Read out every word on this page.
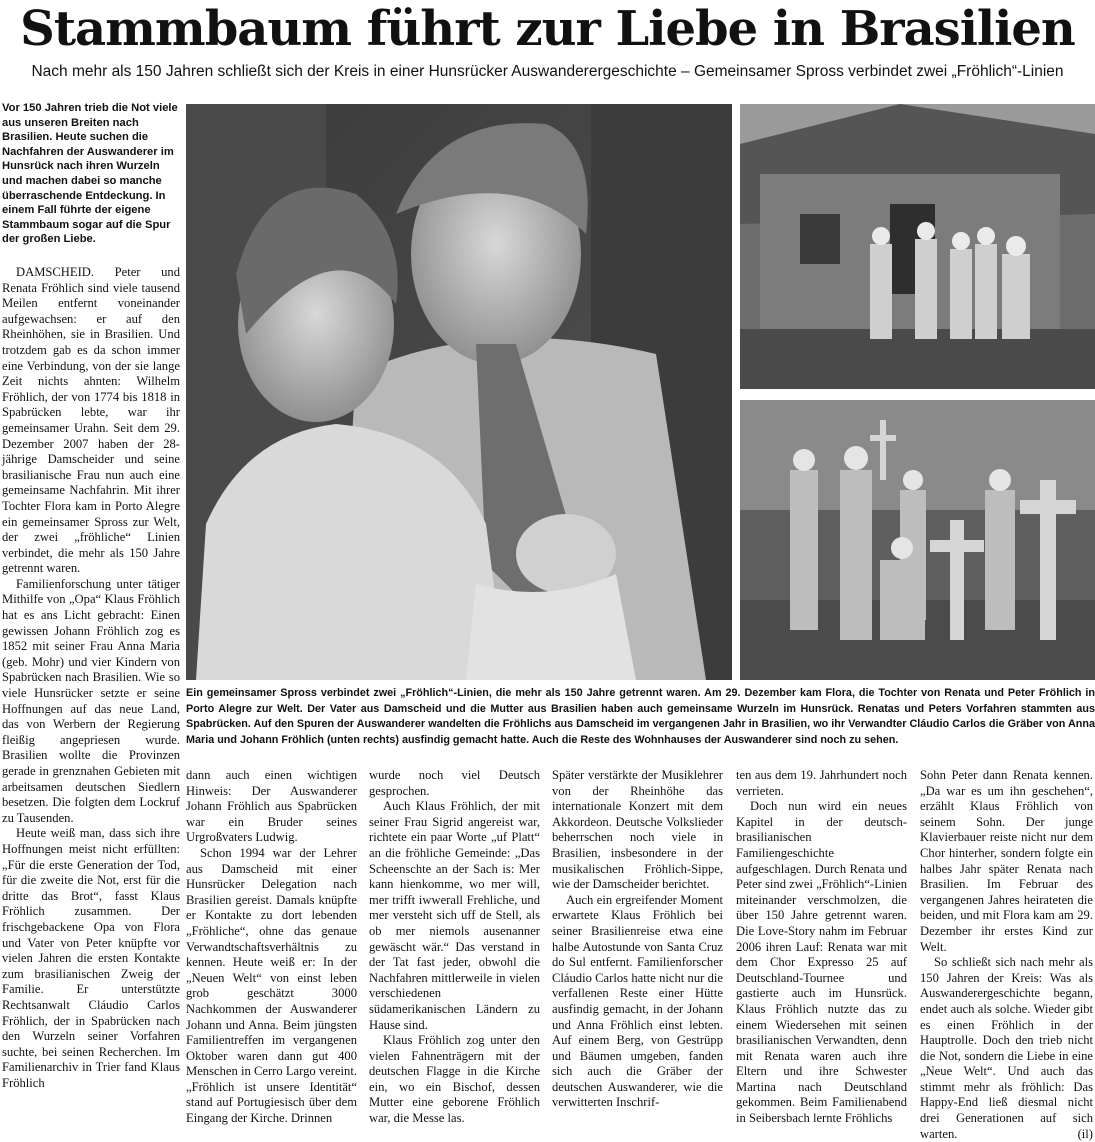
Stammbaum führt zur Liebe in Brasilien

Nach mehr als 150 Jahren schließt sich der Kreis in einer Hunsrücker Auswanderergeschichte – Gemeinsamer Spross verbindet zwei „Fröhlich“-Linien

Vor 150 Jahren trieb die Not viele aus unseren Breiten nach Brasilien. Heute suchen die Nachfahren der Auswanderer im Hunsrück nach ihren Wurzeln und machen dabei so manche überraschende Entdeckung. In einem Fall führte der eigene Stammbaum sogar auf die Spur der großen Liebe.

Ein gemeinsamer Spross verbindet zwei „Fröhlich“-Linien, die mehr als 150 Jahre getrennt waren. Am 29. Dezember kam Flora, die Tochter von Renata und Peter Fröhlich in Porto Alegre zur Welt. Der Vater aus Damscheid und die Mutter aus Brasilien haben auch gemeinsame Wurzeln im Hunsrück. Renatas und Peters Vorfahren stammten aus Spabrücken. Auf den Spuren der Auswanderer wandelten die Fröhlichs aus Damscheid im vergangenen Jahr in Brasilien, wo ihr Verwandter Cláudio Carlos die Gräber von Anna Maria und Johann Fröhlich (unten rechts) ausfindig gemacht hatte. Auch die Reste des Wohnhauses der Auswanderer sind noch zu sehen.

DAMSCHEID. Peter und Renata Fröhlich sind viele tausend Meilen entfernt voneinander aufgewachsen: er auf den Rheinhöhen, sie in Brasilien. Und trotzdem gab es da schon immer eine Verbindung, von der sie lange Zeit nichts ahnten: Wilhelm Fröhlich, der von 1774 bis 1818 in Spabrücken lebte, war ihr gemeinsamer Urahn. Seit dem 29. Dezember 2007 haben der 28-jährige Damscheider und seine brasilianische Frau nun auch eine gemeinsame Nachfahrin. Mit ihrer Tochter Flora kam in Porto Alegre ein gemeinsamer Spross zur Welt, der zwei „fröhliche“ Linien verbindet, die mehr als 150 Jahre getrennt waren.

Familienforschung unter tätiger Mithilfe von „Opa“ Klaus Fröhlich hat es ans Licht gebracht: Einen gewissen Johann Fröhlich zog es 1852 mit seiner Frau Anna Maria (geb. Mohr) und vier Kindern von Spabrücken nach Brasilien. Wie so viele Hunsrücker setzte er seine Hoffnungen auf das neue Land, das von Werbern der Regierung fleißig angepriesen wurde. Brasilien wollte die Provinzen gerade in grenznahen Gebieten mit arbeitsamen deutschen Siedlern besetzen. Die folgten dem Lockruf zu Tausenden.

Heute weiß man, dass sich ihre Hoffnungen meist nicht erfüllten: „Für die erste Generation der Tod, für die zweite die Not, erst für die dritte das Brot“, fasst Klaus Fröhlich zusammen. Der frischgebackene Opa von Flora und Vater von Peter knüpfte vor vielen Jahren die ersten Kontakte zum brasilianischen Zweig der Familie. Er unterstützte Rechtsanwalt Cláudio Carlos Fröhlich, der in Spabrücken nach den Wurzeln seiner Vorfahren suchte, bei seinen Recherchen. Im Familienarchiv in Trier fand Klaus Fröhlich

dann auch einen wichtigen Hinweis: Der Auswanderer Johann Fröhlich aus Spabrücken war ein Bruder seines Urgroßvaters Ludwig.

Schon 1994 war der Lehrer aus Damscheid mit einer Hunsrücker Delegation nach Brasilien gereist. Damals knüpfte er Kontakte zu dort lebenden „Fröhliche“, ohne das genaue Verwandtschaftsverhältnis zu kennen. Heute weiß er: In der „Neuen Welt“ von einst leben grob geschätzt 3000 Nachkommen der Auswanderer Johann und Anna. Beim jüngsten Familientreffen im vergangenen Oktober waren dann gut 400 Menschen in Cerro Largo vereint. „Fröhlich ist unsere Identität“ stand auf Portugiesisch über dem Eingang der Kirche. Drinnen

wurde noch viel Deutsch gesprochen.

Auch Klaus Fröhlich, der mit seiner Frau Sigrid angereist war, richtete ein paar Worte „uf Platt“ an die fröhliche Gemeinde: „Das Scheenschte an der Sach is: Mer kann hienkomme, wo mer will, mer trifft iwwerall Frehliche, und mer versteht sich uff de Stell, als ob mer niemols ausenanner gewäscht wär.“ Das verstand in der Tat fast jeder, obwohl die Nachfahren mittlerweile in vielen verschiedenen südamerikanischen Ländern zu Hause sind.

Klaus Fröhlich zog unter den vielen Fahnenträgern mit der deutschen Flagge in die Kirche ein, wo ein Bischof, dessen Mutter eine geborene Fröhlich war, die Messe las.

Später verstärkte der Musiklehrer von der Rheinhöhe das internationale Konzert mit dem Akkordeon. Deutsche Volkslieder beherrschen noch viele in Brasilien, insbesondere in der musikalischen Fröhlich-Sippe, wie der Damscheider berichtet.

Auch ein ergreifender Moment erwartete Klaus Fröhlich bei seiner Brasilienreise etwa eine halbe Autostunde von Santa Cruz do Sul entfernt. Familienforscher Cláudio Carlos hatte nicht nur die verfallenen Reste einer Hütte ausfindig gemacht, in der Johann und Anna Fröhlich einst lebten. Auf einem Berg, von Gestrüpp und Bäumen umgeben, fanden sich auch die Gräber der deutschen Auswanderer, wie die verwitterten Inschrif-

ten aus dem 19. Jahrhundert noch verrieten.

Doch nun wird ein neues Kapitel in der deutsch-brasilianischen Familiengeschichte aufgeschlagen. Durch Renata und Peter sind zwei „Fröhlich“-Linien miteinander verschmolzen, die über 150 Jahre getrennt waren. Die Love-Story nahm im Februar 2006 ihren Lauf: Renata war mit dem Chor Expresso 25 auf Deutschland-Tournee und gastierte auch im Hunsrück. Klaus Fröhlich nutzte das zu einem Wiedersehen mit seinen brasilianischen Verwandten, denn mit Renata waren auch ihre Eltern und ihre Schwester Martina nach Deutschland gekommen. Beim Familienabend in Seibersbach lernte Fröhlichs

Sohn Peter dann Renata kennen. „Da war es um ihn geschehen“, erzählt Klaus Fröhlich von seinem Sohn. Der junge Klavierbauer reiste nicht nur dem Chor hinterher, sondern folgte ein halbes Jahr später Renata nach Brasilien. Im Februar des vergangenen Jahres heirateten die beiden, und mit Flora kam am 29. Dezember ihr erstes Kind zur Welt.

So schließt sich nach mehr als 150 Jahren der Kreis: Was als Auswanderergeschichte begann, endet auch als solche. Wieder gibt es einen Fröhlich in der Hauptrolle. Doch den trieb nicht die Not, sondern die Liebe in eine „Neue Welt“. Und auch das stimmt mehr als fröhlich: Das Happy-End ließ diesmal nicht drei Generationen auf sich warten.	(il)
